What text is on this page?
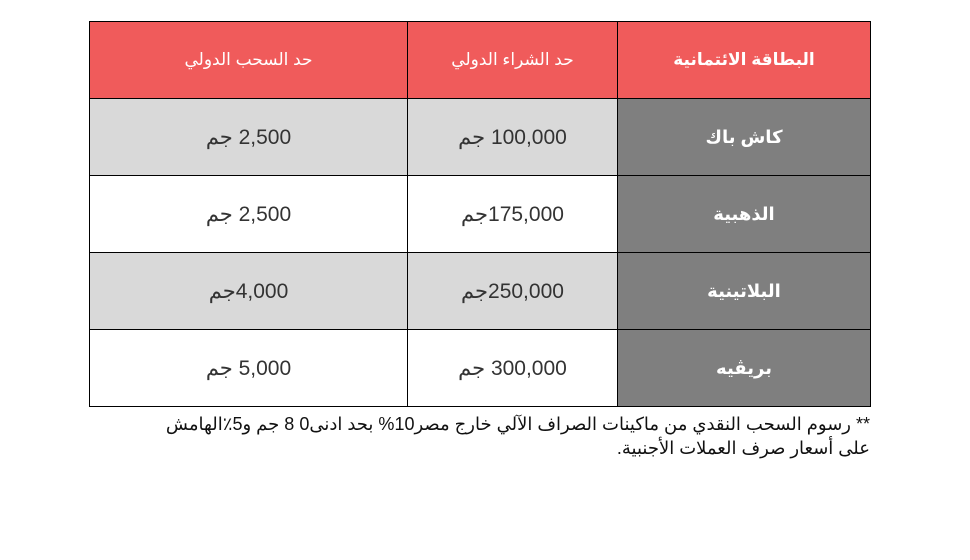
البطاقة الائتمانية	حد الشراء الدولي	حد السحب الدولي
كاش باك	100,000 جم	2,500 جم
الذهبية	175,000جم	2,500 جم
البلاتينية	250,000جم	4,000جم
بريڤيه	300,000 جم	5,000 جم

** رسوم السحب النقدي من ماكينات الصراف الآلي خارج مصر10% بحد ادنى0 8 جم و5٪الهامش

على أسعار صرف العملات الأجنبية.
